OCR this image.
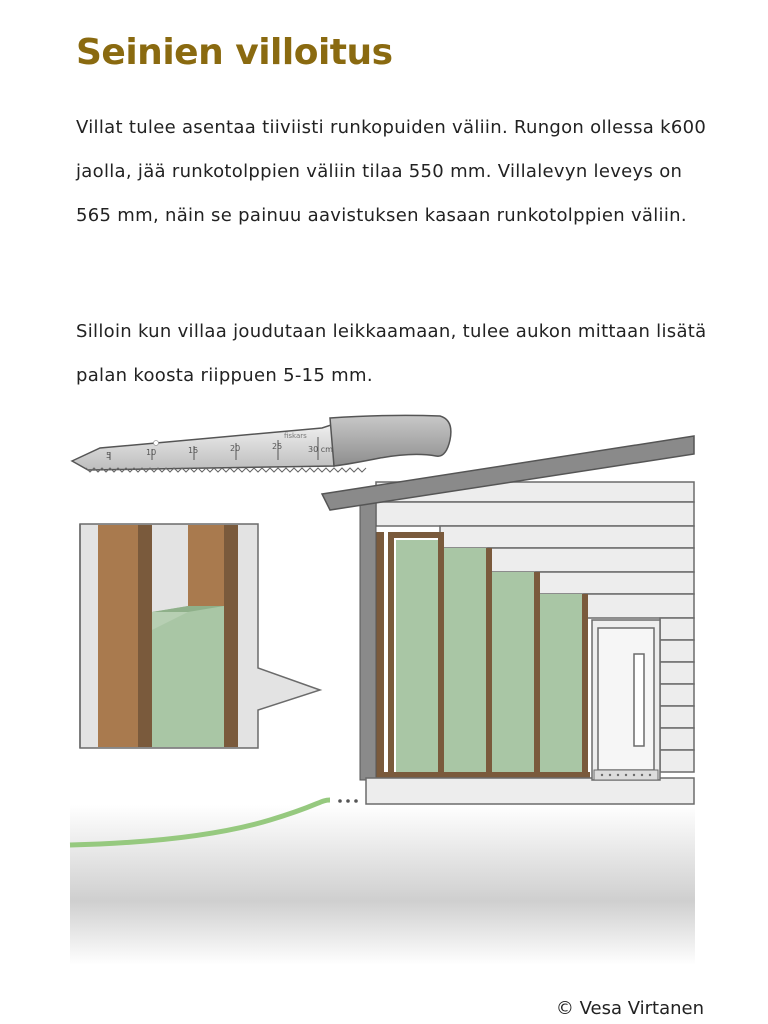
Seinien villoitus

Villat tulee asentaa tiiviisti runkopuiden väliin. Rungon ollessa k600 jaolla, jää runkotolppien väliin tilaa 550 mm. Villalevyn leveys on 565 mm, näin se painuu aavistuksen kasaan runkotolppien väliin.

Silloin kun villaa joudutaan leikkaamaan, tulee aukon mittaan lisätä palan koosta riippuen 5-15 mm.

5	10	15	20	25	30 cm
fiskars

© Vesa Virtanen
